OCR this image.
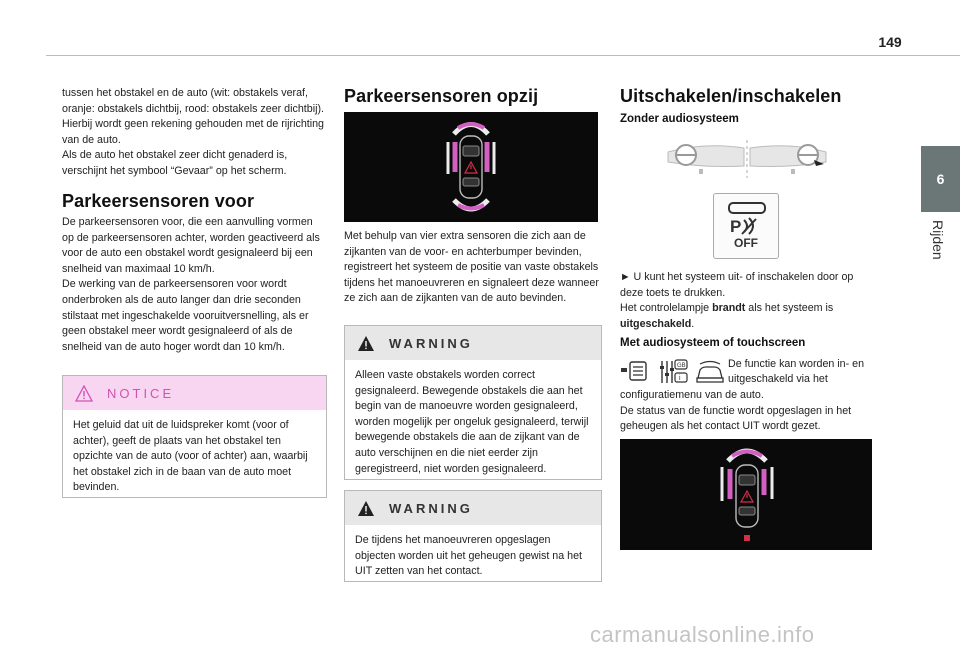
149
6
Rijden

tussen het obstakel en de auto (wit: obstakels veraf, oranje: obstakels dichtbij, rood: obstakels zeer dichtbij). Hierbij wordt geen rekening gehouden met de rijrichting van de auto.
Als de auto het obstakel zeer dicht genaderd is, verschijnt het symbool “Gevaar” op het scherm.

Parkeersensoren voor

De parkeersensoren voor, die een aanvulling vormen op de parkeersensoren achter, worden geactiveerd als voor de auto een obstakel wordt gesignaleerd bij een snelheid van maximaal 10 km/h.
De werking van de parkeersensoren voor wordt onderbroken als de auto langer dan drie seconden stilstaat met ingeschakelde vooruitversnelling, als er geen obstakel meer wordt gesignaleerd of als de snelheid van de auto hoger wordt dan 10 km/h.

NOTICE

Het geluid dat uit de luidspreker komt (voor of achter), geeft de plaats van het obstakel ten opzichte van de auto (voor of achter) aan, waarbij het obstakel zich in de baan van de auto moet bevinden.

Parkeersensoren opzij

Met behulp van vier extra sensoren die zich aan de zijkanten van de voor- en achterbumper bevinden, registreert het systeem de positie van vaste obstakels tijdens het manoeuvreren en signaleert deze wanneer ze zich aan de zijkanten van de auto bevinden.

WARNING

Alleen vaste obstakels worden correct gesignaleerd. Bewegende obstakels die aan het begin van de manoeuvre worden gesignaleerd, worden mogelijk per ongeluk gesignaleerd, terwijl bewegende obstakels die aan de zijkant van de auto verschijnen en die niet eerder zijn geregistreerd, niet worden gesignaleerd.

WARNING

De tijdens het manoeuvreren opgeslagen objecten worden uit het geheugen gewist na het UIT zetten van het contact.

Uitschakelen/inschakelen
Zonder audiosysteem
P
OFF

► U kunt het systeem uit- of inschakelen door op deze toets te drukken.
Het controlelampje brandt als het systeem is uitgeschakeld.

Met audiosysteem of touchscreen
GB
i

De functie kan worden in- en

uitgeschakeld via het

configuratiemenu van de auto.
De status van de functie wordt opgeslagen in het geheugen als het contact UIT wordt gezet.

carmanualsonline.info
